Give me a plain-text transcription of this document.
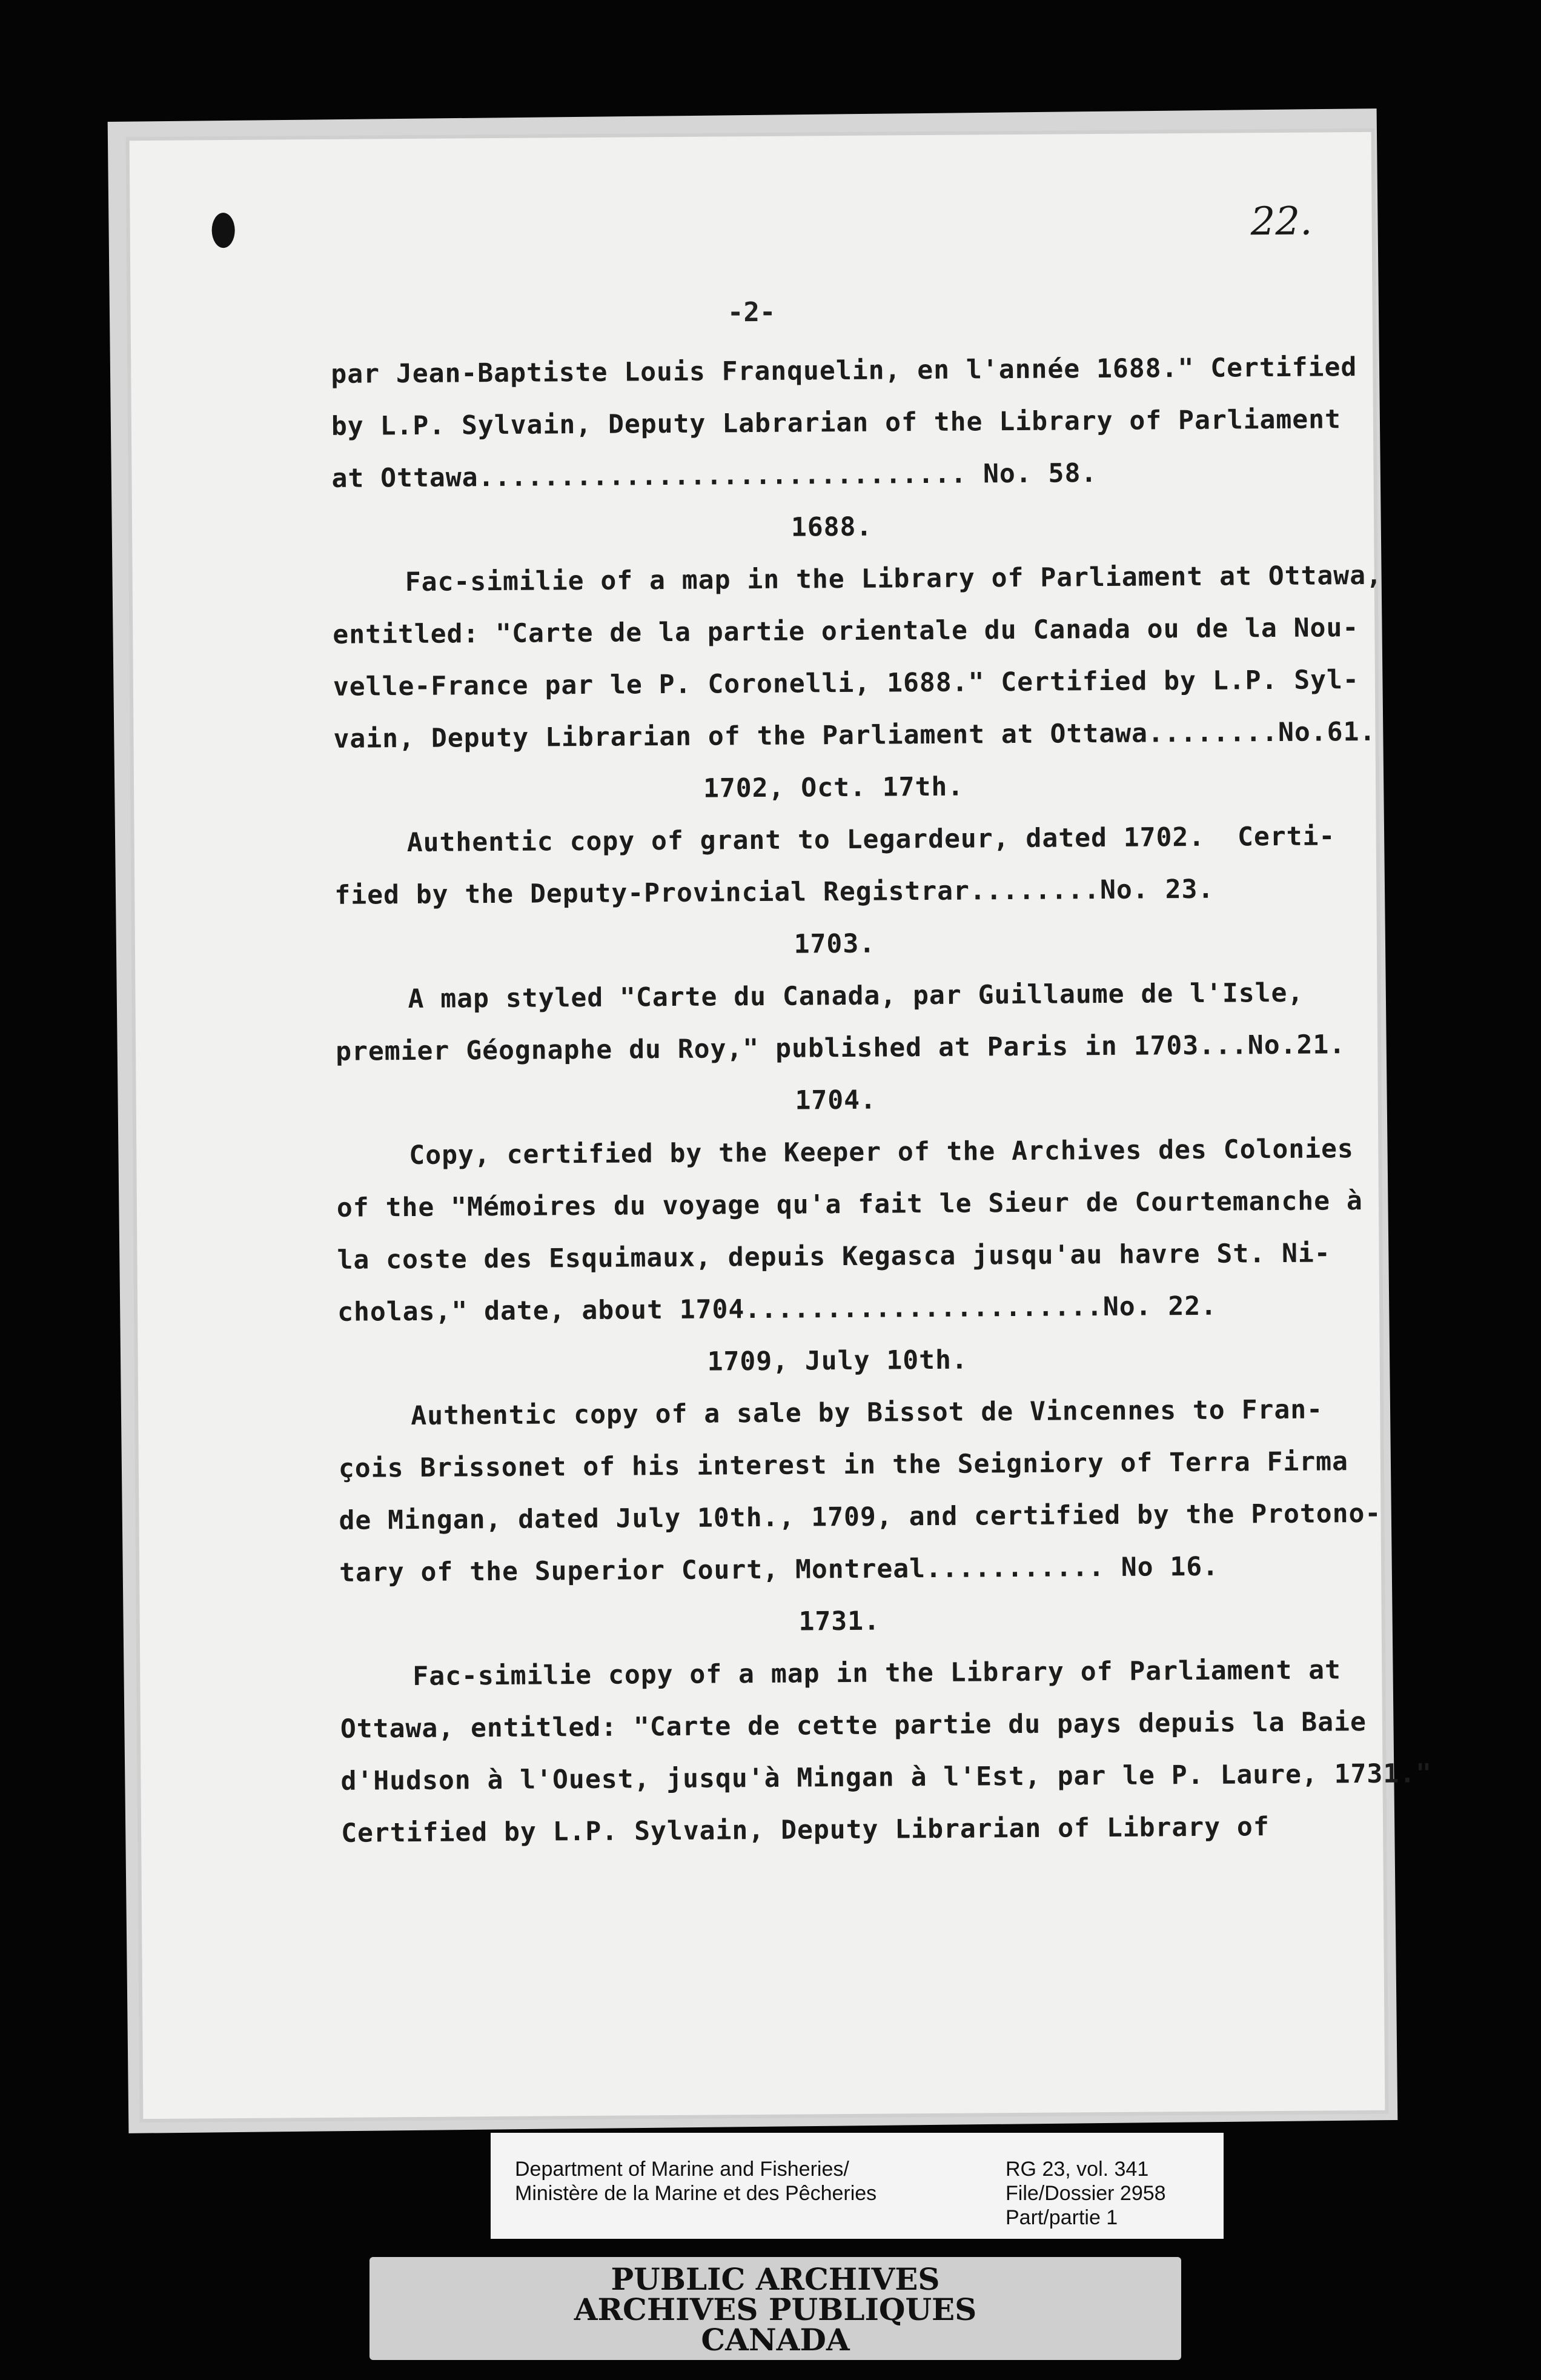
22.
-2-
par Jean-Baptiste Louis Franquelin, en l'année 1688." Certified
by L.P. Sylvain, Deputy Labrarian of the Library of Parliament
at Ottawa.............................. No. 58.
1688.
Fac-similie of a map in the Library of Parliament at Ottawa,
entitled: "Carte de la partie orientale du Canada ou de la Nou-
velle-France par le P. Coronelli, 1688." Certified by L.P. Syl-
vain, Deputy Librarian of the Parliament at Ottawa........No.61.
1702, Oct. 17th.
Authentic copy of grant to Legardeur, dated 1702.  Certi-
fied by the Deputy-Provincial Registrar........No. 23.
1703.
A map styled "Carte du Canada, par Guillaume de l'Isle,
premier Géognaphe du Roy," published at Paris in 1703...No.21.
1704.
Copy, certified by the Keeper of the Archives des Colonies
of the "Mémoires du voyage qu'a fait le Sieur de Courtemanche à
la coste des Esquimaux, depuis Kegasca jusqu'au havre St. Ni-
cholas," date, about 1704......................No. 22.
1709, July 10th.
Authentic copy of a sale by Bissot de Vincennes to Fran-
çois Brissonet of his interest in the Seigniory of Terra Firma
de Mingan, dated July 10th., 1709, and certified by the Protono-
tary of the Superior Court, Montreal........... No 16.
1731.
Fac-similie copy of a map in the Library of Parliament at
Ottawa, entitled: "Carte de cette partie du pays depuis la Baie
d'Hudson à l'Ouest, jusqu'à Mingan à l'Est, par le P. Laure, 1731."
Certified by L.P. Sylvain, Deputy Librarian of Library of
Department of Marine and Fisheries/
Ministère de la Marine et des Pêcheries
RG 23, vol. 341
File/Dossier 2958
Part/partie 1
PUBLIC ARCHIVES
ARCHIVES PUBLIQUES
CANADA
